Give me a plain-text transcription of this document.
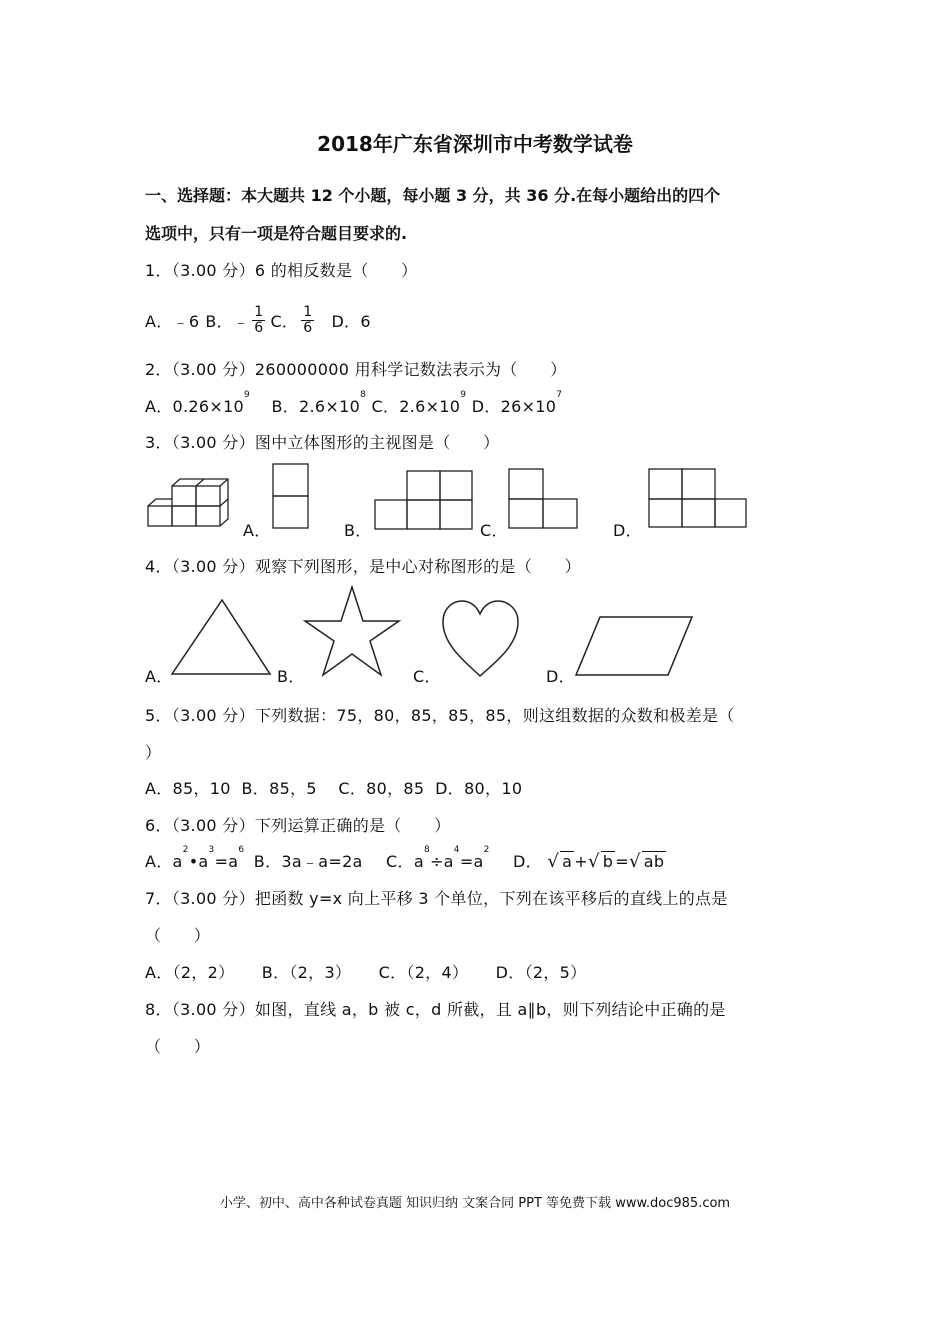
2018年广东省深圳市中考数学试卷
一、选择题：本大题共 12 个小题，每小题 3 分，共 36 分.在每小题给出的四个
选项中，只有一项是符合题目要求的.
1．（3.00 分）6 的相反数是（　　）
A．﹣6 B． ﹣ $\frac{1}{6}$ C． $\frac{1}{6}$ D．6
2．（3.00 分）260000000 用科学记数法表示为（　　）
A．$0.26\times 10^9$ B．$2.6\times 10^8$ C．$2.6\times 10^9$ D．$26\times 10^7$
3．（3.00 分）图中立体图形的主视图是（　　）
A．	B．	C．	D．
4．（3.00 分）观察下列图形，是中心对称图形的是（　　）
A．	B．	C．	D．
5．（3.00 分）下列数据：75，80，85，85，85，则这组数据的众数和极差是（
）
A．85，10  B．85，5    C．80，85  D．80，10
6．（3.00 分）下列运算正确的是（　　）
A．$a^2•a^3=a^6$ B．3a﹣a=2a C．$a^8\div a^4=a^2$ D． √ a +√ b =√ ab
7．（3.00 分）把函数 y=x 向上平移 3 个单位，下列在该平移后的直线上的点是
（　　）
A．（2，2） B．（2，3） C．（2，4） D．（2，5）
8．（3.00 分）如图，直线 a，b 被 c，d 所截，且 a∥b，则下列结论中正确的是
（　　）
小学、初中、高中各种试卷真题 知识归纳 文案合同 PPT 等免费下载 www.doc985.com
